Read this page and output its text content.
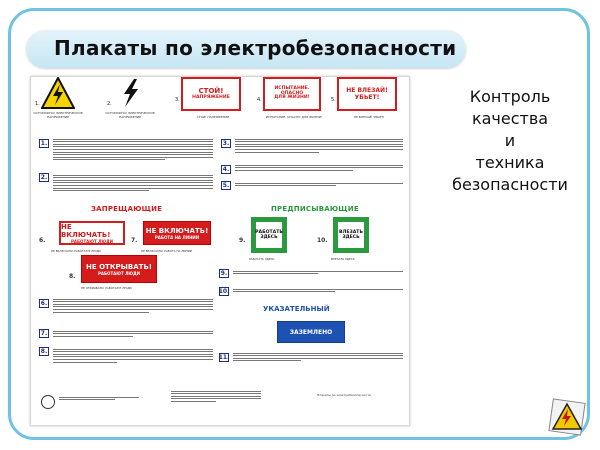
Плакаты по электробезопасности
1.
ОСТОРОЖНО! ЭЛЕКТРИЧЕСКОЕ НАПРЯЖЕНИЕ
2.
ОСТОРОЖНО! ЭЛЕКТРИЧЕСКОЕ НАПРЯЖЕНИЕ
3.
СТОЙ!
НАПРЯЖЕНИЕ
СТОЙ! НАПРЯЖЕНИЕ
4.
ИСПЫТАНИЕ.
ОПАСНО
ДЛЯ ЖИЗНИ!
ИСПЫТАНИЕ. ОПАСНО ДЛЯ ЖИЗНИ!
5.
НЕ ВЛЕЗАЙ!
УБЬЕТ!
НЕ ВЛЕЗАЙ! УБЬЕТ!
1.
2.
3.
4.
5.
ЗАПРЕЩАЮЩИЕ
НЕ ВКЛЮЧАТЬ!
РАБОТАЮТ ЛЮДИ
6.
НЕ ВКЛЮЧАТЬ! РАБОТАЮТ ЛЮДИ
НЕ ВКЛЮЧАТЬ!
РАБОТА НА ЛИНИИ
7.
НЕ ВКЛЮЧАТЬ! РАБОТА НА ЛИНИИ
НЕ ОТКРЫВАТЬ!
РАБОТАЮТ ЛЮДИ
8.
НЕ ОТКРЫВАТЬ! РАБОТАЮТ ЛЮДИ
ПРЕДПИСЫВАЮЩИЕ
9.
РАБОТАТЬ ЗДЕСЬ
РАБОТАТЬ ЗДЕСЬ
10.
ВЛЕЗАТЬ ЗДЕСЬ
ВЛЕЗАТЬ ЗДЕСЬ
9.
10.
УКАЗАТЕЛЬНЫЙ
ЗАЗЕМЛЕНО
11.
6.
7.
8.
Плакаты по электробезопасности
Контроль
качества
и
техника
безопасности
